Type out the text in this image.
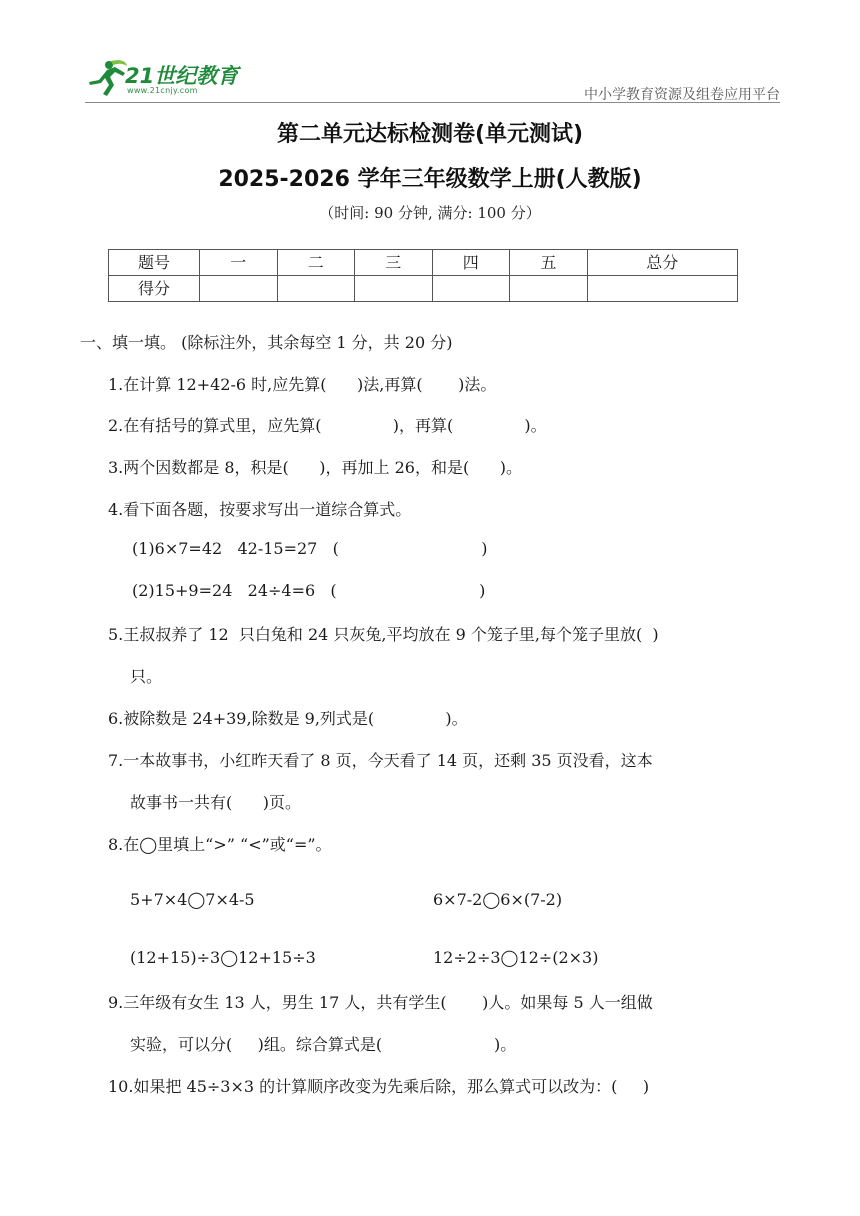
21世纪教育
www.21cnjy.com	中小学教育资源及组卷应用平台
第二单元达标检测卷(单元测试)
2025-2026 学年三年级数学上册(人教版)
（时间: 90 分钟, 满分: 100 分）
题号	一	二	三	四	五	总分
得分						
一、填一填。 (除标注外，其余每空 1 分，共 20 分)
1.在计算 12+42-6 时,应先算(      )法,再算(       )法。
2.在有括号的算式里，应先算(              )，再算(              )。
3.两个因数都是 8，积是(      )，再加上 26，和是(      )。
4.看下面各题，按要求写出一道综合算式。
(1)6×7=42   42-15=27   (                            )
(2)15+9=24   24÷4=6   (                            )
5.王叔叔养了 12  只白兔和 24 只灰兔,平均放在 9 个笼子里,每个笼子里放(  )
只。
6.被除数是 24+39,除数是 9,列式是(              )。
7.一本故事书，小红昨天看了 8 页，今天看了 14 页，还剩 35 页没看，这本
故事书一共有(      )页。
8.在◯里填上“>” “<”或“=”。
5+7×4◯7×4-5	6×7-2◯6×(7-2)
(12+15)÷3◯12+15÷3	12÷2÷3◯12÷(2×3)
9.三年级有女生 13 人，男生 17 人，共有学生(       )人。如果每 5 人一组做
实验，可以分(     )组。综合算式是(                      )。
10.如果把 45÷3×3 的计算顺序改变为先乘后除，那么算式可以改为：(     )
